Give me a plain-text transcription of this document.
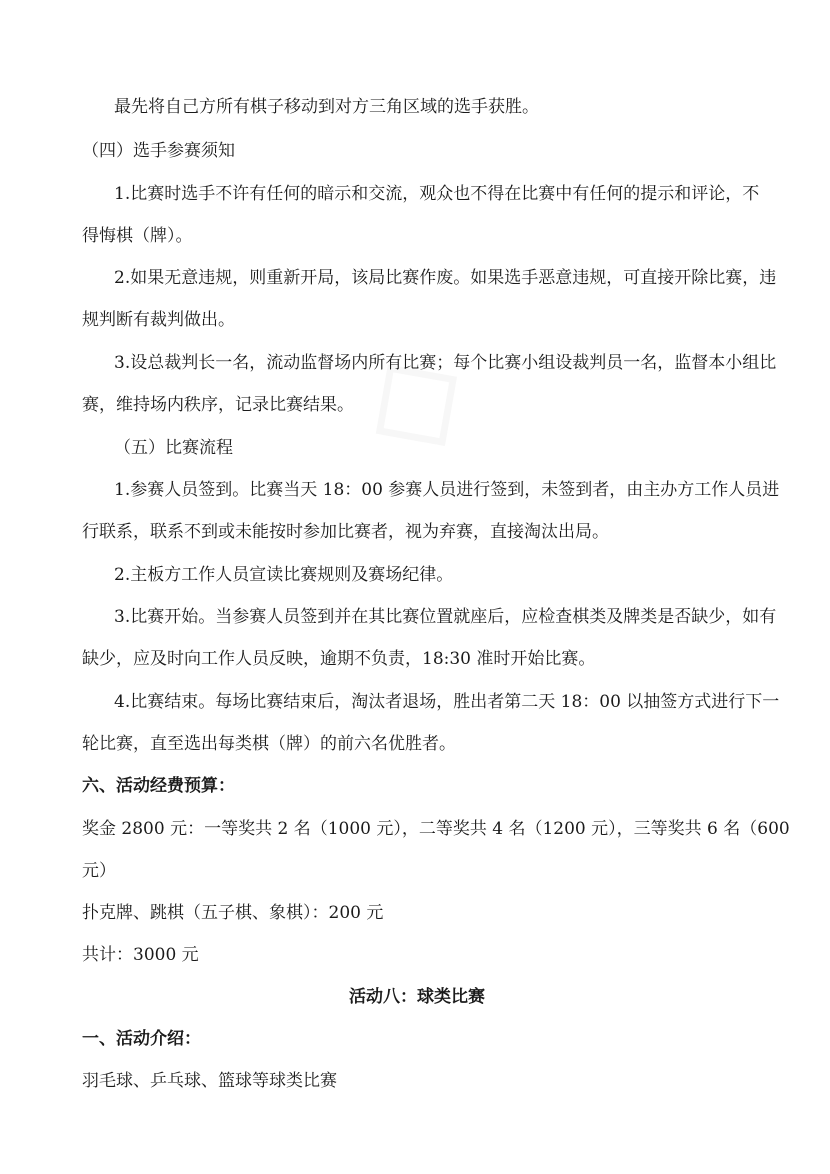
◇

最先将自己方所有棋子移动到对方三角区域的选手获胜。

（四）选手参赛须知

1.比赛时选手不许有任何的暗示和交流，观众也不得在比赛中有任何的提示和评论，不

得悔棋（牌）。

2.如果无意违规，则重新开局，该局比赛作废。如果选手恶意违规，可直接开除比赛，违

规判断有裁判做出。

3.设总裁判长一名，流动监督场内所有比赛；每个比赛小组设裁判员一名，监督本小组比

赛，维持场内秩序，记录比赛结果。

（五）比赛流程

1.参赛人员签到。比赛当天 18：00 参赛人员进行签到，未签到者，由主办方工作人员进

行联系，联系不到或未能按时参加比赛者，视为弃赛，直接淘汰出局。

2.主板方工作人员宣读比赛规则及赛场纪律。

3.比赛开始。当参赛人员签到并在其比赛位置就座后，应检查棋类及牌类是否缺少，如有

缺少，应及时向工作人员反映，逾期不负责，18:30 准时开始比赛。

4.比赛结束。每场比赛结束后，淘汰者退场，胜出者第二天 18：00 以抽签方式进行下一

轮比赛，直至选出每类棋（牌）的前六名优胜者。

六、活动经费预算：

奖金 2800 元：一等奖共 2 名（1000 元），二等奖共 4 名（1200 元），三等奖共 6 名（600

元）

扑克牌、跳棋（五子棋、象棋）：200 元

共计：3000 元

活动八：球类比赛

一、活动介绍：

羽毛球、乒乓球、篮球等球类比赛
